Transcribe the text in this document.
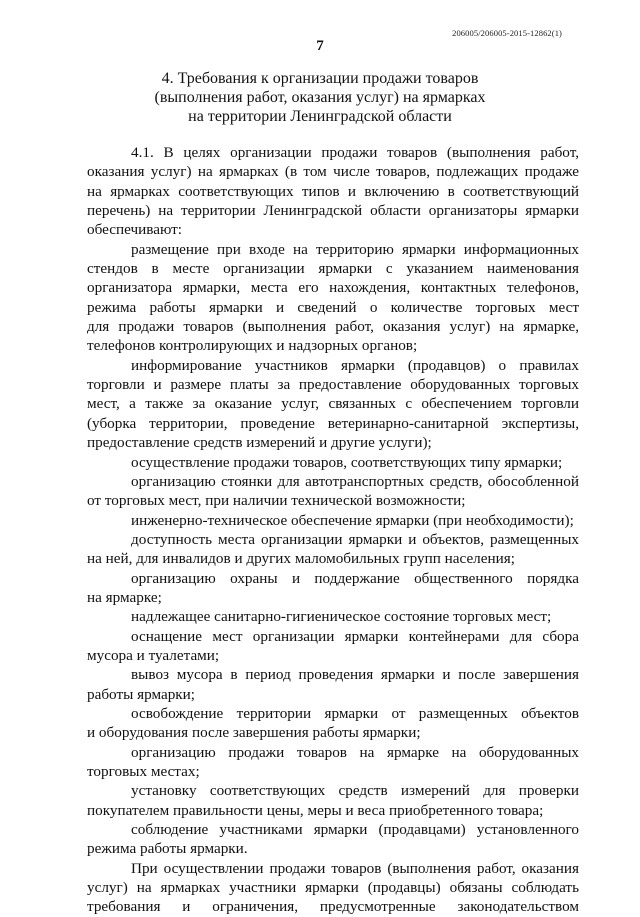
206005/206005-2015-12862(1)
7
4. Требования к организации продажи товаров
(выполнения работ, оказания услуг) на ярмарках
на территории Ленинградской области
4.1. В целях организации продажи товаров (выполнения работ,
оказания услуг) на ярмарках (в том числе товаров, подлежащих продаже
на ярмарках соответствующих типов и включению в соответствующий
перечень) на территории Ленинградской области организаторы ярмарки
обеспечивают:
размещение при входе на территорию ярмарки информационных
стендов в месте организации ярмарки с указанием наименования
организатора ярмарки, места его нахождения, контактных телефонов,
режима работы ярмарки и сведений о количестве торговых мест
для продажи товаров (выполнения работ, оказания услуг) на ярмарке,
телефонов контролирующих и надзорных органов;
информирование участников ярмарки (продавцов) о правилах
торговли и размере платы за предоставление оборудованных торговых
мест, а также за оказание услуг, связанных с обеспечением торговли
(уборка территории, проведение ветеринарно-санитарной экспертизы,
предоставление средств измерений и другие услуги);
осуществление продажи товаров, соответствующих типу ярмарки;
организацию стоянки для автотранспортных средств, обособленной
от торговых мест, при наличии технической возможности;
инженерно-техническое обеспечение ярмарки (при необходимости);
доступность места организации ярмарки и объектов, размещенных
на ней, для инвалидов и других маломобильных групп населения;
организацию охраны и поддержание общественного порядка
на ярмарке;
надлежащее санитарно-гигиеническое состояние торговых мест;
оснащение мест организации ярмарки контейнерами для сбора
мусора и туалетами;
вывоз мусора в период проведения ярмарки и после завершения
работы ярмарки;
освобождение территории ярмарки от размещенных объектов
и оборудования после завершения работы ярмарки;
организацию продажи товаров на ярмарке на оборудованных
торговых местах;
установку соответствующих средств измерений для проверки
покупателем правильности цены, меры и веса приобретенного товара;
соблюдение участниками ярмарки (продавцами) установленного
режима работы ярмарки.
При осуществлении продажи товаров (выполнения работ, оказания
услуг) на ярмарках участники ярмарки (продавцы) обязаны соблюдать
требования и ограничения, предусмотренные законодательством
